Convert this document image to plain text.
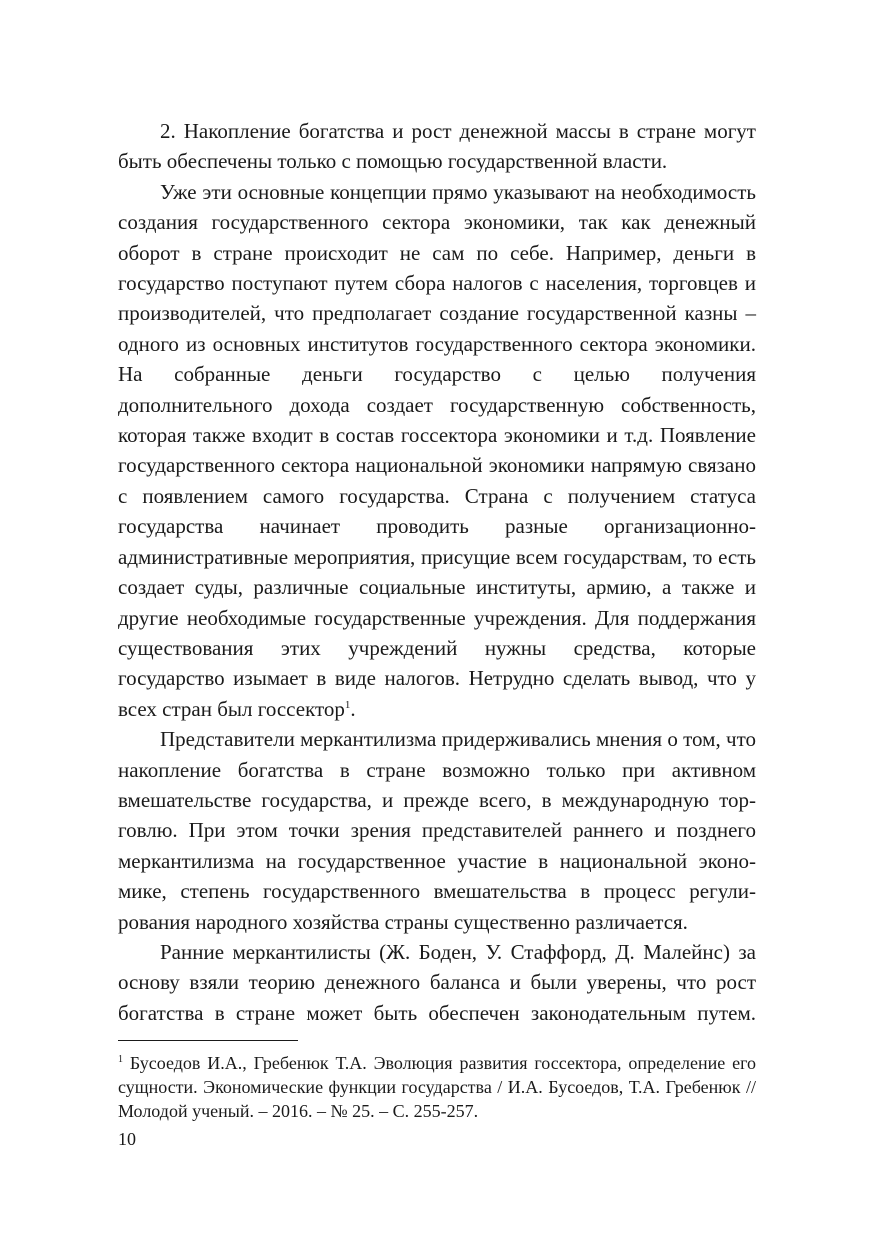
2. Накопление богатства и рост денежной массы в стране могут быть обеспечены только с помощью государственной власти.

Уже эти основные концепции прямо указывают на необходимость создания государственного сектора экономики, так как денежный оборот в стране происходит не сам по себе. Например, деньги в государство поступают путем сбора налогов с населения, торговцев и производителей, что предполагает создание государственной казны – одного из основных институтов государственного сектора экономики. На собранные деньги государство с целью получения дополнительного дохода создает государственную собственность, которая также входит в состав госсектора экономики и т.д. Появление государственного сектора национальной экономики напрямую связано с появлением самого государства. Страна с получением статуса государства начинает проводить разные организационно-административные мероприятия, присущие всем государствам, то есть создает суды, различные социальные институты, армию, а также и другие необходимые государственные учреждения. Для поддержания существования этих учреждений нужны средства, которые государство изымает в виде налогов. Нетрудно сделать вывод, что у всех стран был госсектор$^1$.

Представители меркантилизма придерживались мнения о том, что накопление богатства в стране возможно только при активном вмешательстве государства, и прежде всего, в международную торговлю. При этом точки зрения представителей раннего и позднего меркантилизма на государственное участие в национальной экономике, степень государственного вмешательства в процесс регулирования народного хозяйства страны существенно различается.

Ранние меркантилисты (Ж. Боден, У. Стаффорд, Д. Малейнс) за основу взяли теорию денежного баланса и были уверены, что рост богатства в стране может быть обеспечен законодательным путем.

$^1$ Бусоедов И.А., Гребенюк Т.А. Эволюция развития госсектора, определение его сущности. Экономические функции государства / И.А. Бусоедов, Т.А. Гребенюк // Молодой ученый. – 2016. – № 25. – С. 255-257.

10
